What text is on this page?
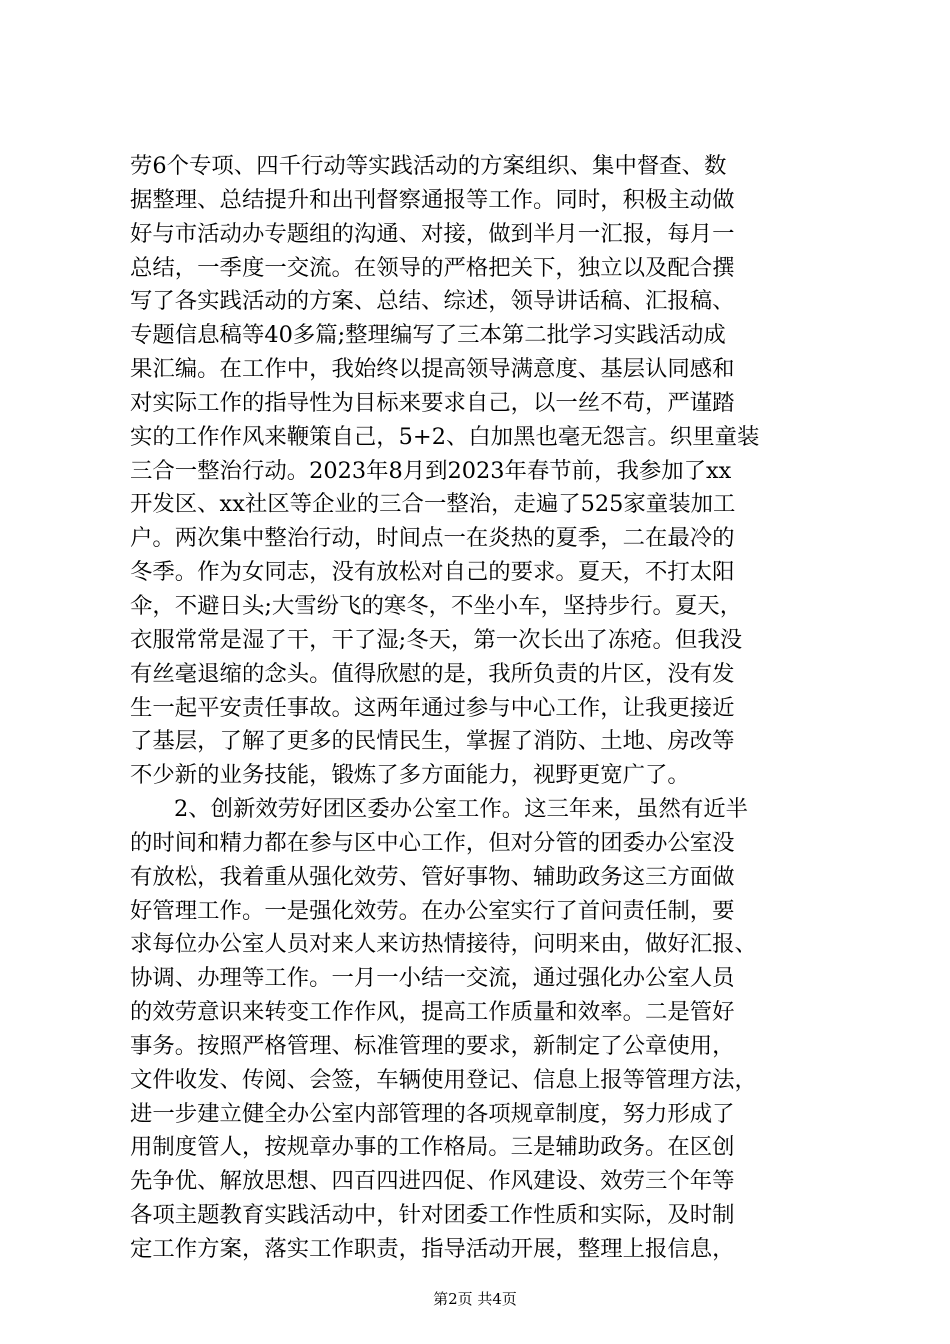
劳6个专项、四千行动等实践活动的方案组织、集中督查、数
据整理、总结提升和出刊督察通报等工作。同时，积极主动做
好与市活动办专题组的沟通、对接，做到半月一汇报，每月一
总结，一季度一交流。在领导的严格把关下，独立以及配合撰
写了各实践活动的方案、总结、综述，领导讲话稿、汇报稿、
专题信息稿等40多篇;整理编写了三本第二批学习实践活动成
果汇编。在工作中，我始终以提高领导满意度、基层认同感和
对实际工作的指导性为目标来要求自己，以一丝不苟，严谨踏
实的工作作风来鞭策自己，5+2、白加黑也毫无怨言。织里童装
三合一整治行动。2023年8月到2023年春节前，我参加了xx
开发区、xx社区等企业的三合一整治，走遍了525家童装加工
户。两次集中整治行动，时间点一在炎热的夏季，二在最冷的
冬季。作为女同志，没有放松对自己的要求。夏天，不打太阳
伞，不避日头;大雪纷飞的寒冬，不坐小车，坚持步行。夏天，
衣服常常是湿了干，干了湿;冬天，第一次长出了冻疮。但我没
有丝毫退缩的念头。值得欣慰的是，我所负责的片区，没有发
生一起平安责任事故。这两年通过参与中心工作，让我更接近
了基层，了解了更多的民情民生，掌握了消防、土地、房改等
不少新的业务技能，锻炼了多方面能力，视野更宽广了。
2、创新效劳好团区委办公室工作。这三年来，虽然有近半
的时间和精力都在参与区中心工作，但对分管的团委办公室没
有放松，我着重从强化效劳、管好事物、辅助政务这三方面做
好管理工作。一是强化效劳。在办公室实行了首问责任制，要
求每位办公室人员对来人来访热情接待，问明来由，做好汇报、
协调、办理等工作。一月一小结一交流，通过强化办公室人员
的效劳意识来转变工作作风，提高工作质量和效率。二是管好
事务。按照严格管理、标准管理的要求，新制定了公章使用，
文件收发、传阅、会签，车辆使用登记、信息上报等管理方法，
进一步建立健全办公室内部管理的各项规章制度，努力形成了
用制度管人，按规章办事的工作格局。三是辅助政务。在区创
先争优、解放思想、四百四进四促、作风建设、效劳三个年等
各项主题教育实践活动中，针对团委工作性质和实际，及时制
定工作方案，落实工作职责，指导活动开展，整理上报信息，
第2页 共4页
